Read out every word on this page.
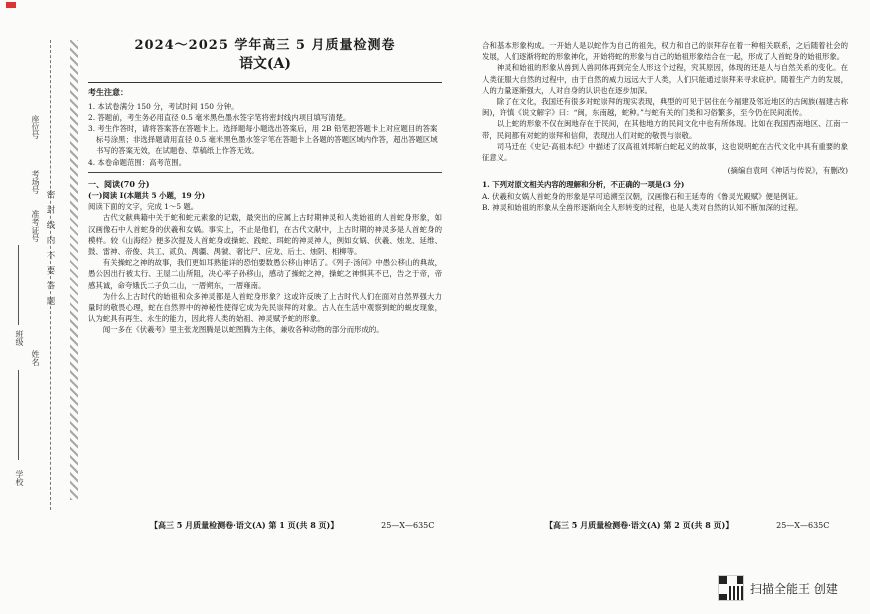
学校
班级
姓名
准考证号
考场号
座位号
密 封 线 内 不 要 答 题
2024～2025 学年高三 5 月质量检测卷
语文(A)
考生注意：
1. 本试卷满分 150 分，考试时间 150 分钟。
2. 答题前，考生务必用直径 0.5 毫米黑色墨水签字笔将密封线内项目填写清楚。
3. 考生作答时，请将答案答在答题卡上。选择题每小题选出答案后，用 2B 铅笔把答题卡上对应题目的答案标号涂黑；非选择题请用直径 0.5 毫米黑色墨水签字笔在答题卡上各题的答题区域内作答，超出答题区域书写的答案无效，在试题卷、草稿纸上作答无效。
4. 本卷命题范围：高考范围。
一、阅读(70 分)
(一)阅读 I(本题共 5 小题，19 分)
阅读下面的文字，完成 1～5 题。
古代文献典籍中关于蛇和蛇元素象的记载，最突出的应属上古时期神灵和人类始祖的人首蛇身形象，如汉画像石中人首蛇身的伏羲和女娲。事实上，不止是他们，在古代文献中，上古时期的神灵多是人首蛇身的模样。较《山海经》便多次提及人首蛇身或操蛇、践蛇、珥蛇的神灵神人，例如女娲、伏羲、烛龙、延维、鼓、雷神、帝俊、共工、贰负、禺疆、禺虢、奢比尸、应龙、后土、烛阴、相柳等。
有关操蛇之神的故事，我们更如耳熟能详的恐怕要数愚公移山神话了。《列子·汤问》中愚公移山的典故，愚公因出行被太行、王屋二山所阻，决心率子孙移山，感动了操蛇之神，操蛇之神惧其不已，告之于帝，帝感其诚，命夸娥氏二子负二山，一厝朔东，一厝雍南。
为什么上古时代的始祖和众多神灵都是人首蛇身形象？这或许反映了上古时代人们在面对自然界强大力量时的敬畏心理，蛇在自然界中的神秘性使得它成为先民崇拜的对象。古人在生活中观察到蛇的蜕皮现象，认为蛇具有再生、永生的能力，因此将人类的始祖、神灵赋予蛇的形象。
闻一多在《伏羲考》里主张龙图腾是以蛇图腾为主体，兼收各种动物的部分而形成的。
合和基本形象构成。一开始人是以蛇作为自己的祖先，权力和自己的崇拜存在着一种相关联系，之后随着社会的发展，人们逐渐将蛇的形象神化，开始将蛇的形象与自己的始祖形象结合在一起，形成了人首蛇身的始祖形象。
神灵和始祖的形象从兽到人兽同体再到完全人形这个过程，究其原因，体现的还是人与自然关系的变化。在人类征服大自然的过程中，由于自然的威力远远大于人类，人们只能通过崇拜来寻求庇护。随着生产力的发展，人的力量逐渐强大，人对自身的认识也在逐步加深。
除了在文化，我国还有很多对蛇崇拜的现实表现，典型的可见于居住在今福建及邻近地区的古闽族(福建古称闽)，许慎《说文解字》曰：“闽，东南越，蛇种。”与蛇有关的门类和习俗繁多，至今仍在民间流传。
以上蛇的形象不仅在闽地存在于民间，在其他地方的民间文化中也有所体现。比如在我国西南地区、江南一带，民间都有对蛇的崇拜和信仰，表现出人们对蛇的敬畏与崇敬。
司马迁在《史记·高祖本纪》中描述了汉高祖刘邦斩白蛇起义的故事，这也说明蛇在古代文化中具有重要的象征意义。
(摘编自袁珂《神话与传说》，有删改)
1. 下列对原文相关内容的理解和分析，不正确的一项是(3 分)
A. 伏羲和女娲人首蛇身的形象是早可追溯至汉朝，汉画像石和王延寿的《鲁灵光殿赋》便是例证。
B. 神灵和始祖的形象从全兽形逐渐向全人形转变的过程，也是人类对自然的认知不断加深的过程。
【高三 5 月质量检测卷·语文(A) 第 1 页(共 8 页)】	25—X—635C	【高三 5 月质量检测卷·语文(A) 第 2 页(共 8 页)】	25—X—635C
扫描全能王 创建
